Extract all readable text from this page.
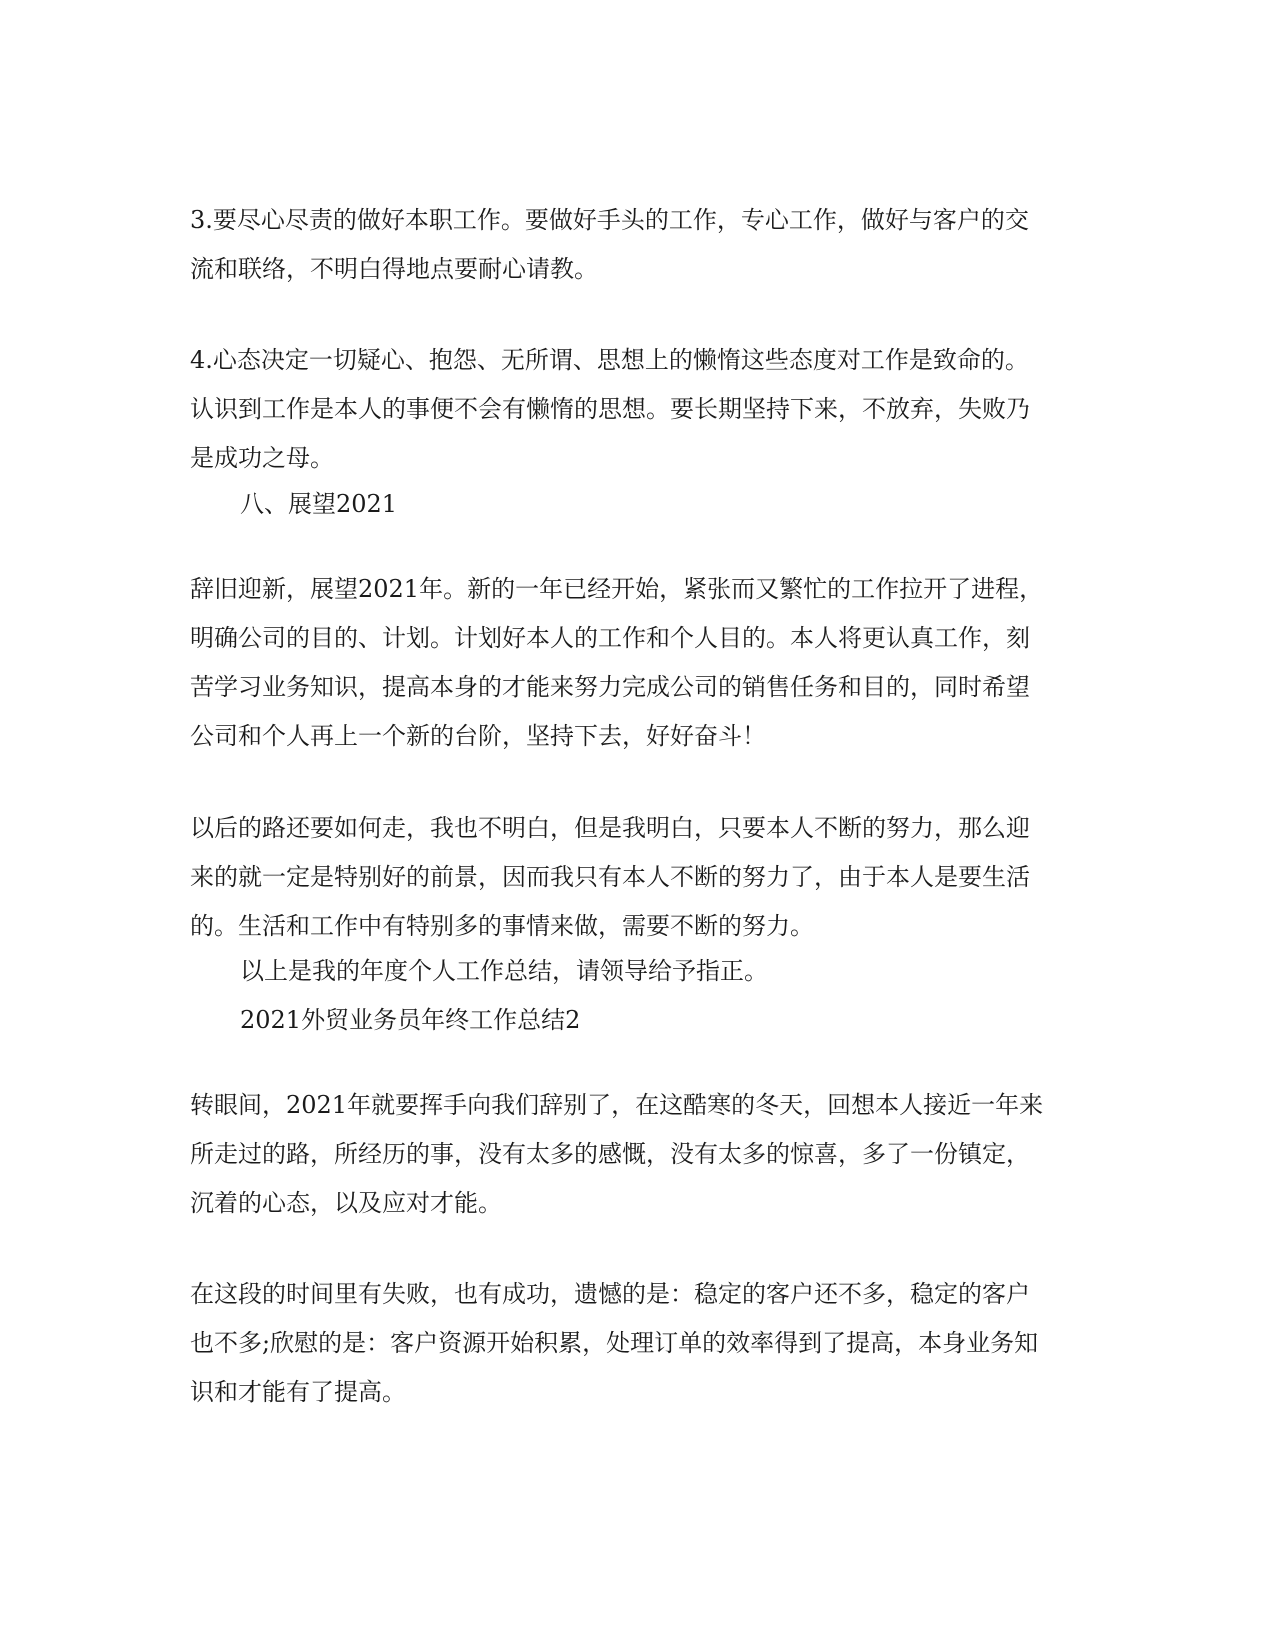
3.要尽心尽责的做好本职工作。要做好手头的工作，专心工作，做好与客户的交
流和联络，不明白得地点要耐心请教。
4.心态决定一切疑心、抱怨、无所谓、思想上的懒惰这些态度对工作是致命的。
认识到工作是本人的事便不会有懒惰的思想。要长期坚持下来，不放弃，失败乃
是成功之母。
八、展望2021
辞旧迎新，展望2021年。新的一年已经开始，紧张而又繁忙的工作拉开了进程，
明确公司的目的、计划。计划好本人的工作和个人目的。本人将更认真工作，刻
苦学习业务知识，提高本身的才能来努力完成公司的销售任务和目的，同时希望
公司和个人再上一个新的台阶，坚持下去，好好奋斗！
以后的路还要如何走，我也不明白，但是我明白，只要本人不断的努力，那么迎
来的就一定是特别好的前景，因而我只有本人不断的努力了，由于本人是要生活
的。生活和工作中有特别多的事情来做，需要不断的努力。
以上是我的年度个人工作总结，请领导给予指正。
2021外贸业务员年终工作总结2
转眼间，2021年就要挥手向我们辞别了，在这酷寒的冬天，回想本人接近一年来
所走过的路，所经历的事，没有太多的感慨，没有太多的惊喜，多了一份镇定，
沉着的心态，以及应对才能。
在这段的时间里有失败，也有成功，遗憾的是：稳定的客户还不多，稳定的客户
也不多;欣慰的是：客户资源开始积累，处理订单的效率得到了提高，本身业务知
识和才能有了提高。
